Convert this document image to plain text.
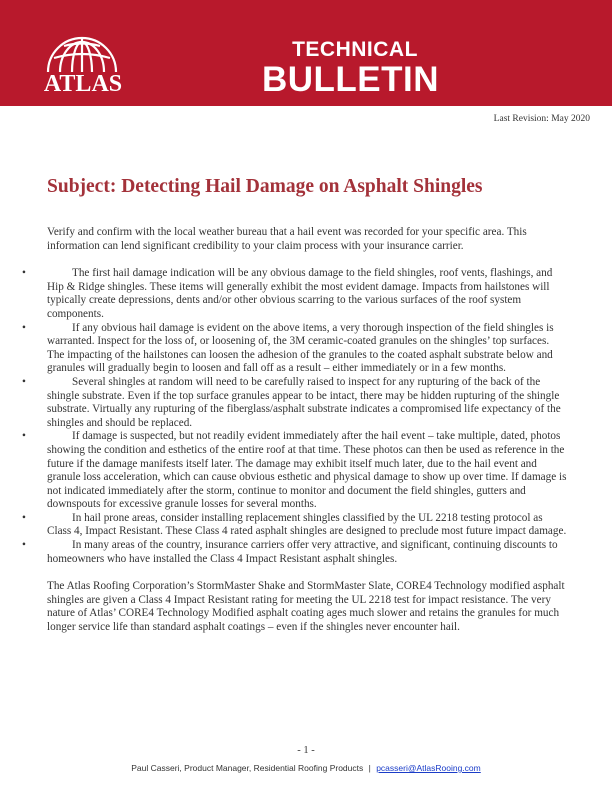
ATLAS
TECHNICAL
BULLETIN
Last Revision: May 2020
Subject: Detecting Hail Damage on Asphalt Shingles

Verify and confirm with the local weather bureau that a hail event was recorded for your specific area. This information can lend significant credibility to your claim process with your insurance carrier.

•	The first hail damage indication will be any obvious damage to the field shingles, roof vents, flashings, and Hip & Ridge shingles. These items will generally exhibit the most evident damage. Impacts from hailstones will typically create depressions, dents and/or other obvious scarring to the various surfaces of the roof system components.
•	If any obvious hail damage is evident on the above items, a very thorough inspection of the field shingles is warranted. Inspect for the loss of, or loosening of, the 3M ceramic-coated granules on the shingles’ top surfaces. The impacting of the hailstones can loosen the adhesion of the granules to the coated asphalt substrate below and granules will gradually begin to loosen and fall off as a result – either immediately or in a few months.
•	Several shingles at random will need to be carefully raised to inspect for any rupturing of the back of the shingle substrate. Even if the top surface granules appear to be intact, there may be hidden rupturing of the shingle substrate. Virtually any rupturing of the fiberglass/asphalt substrate indicates a compromised life expectancy of the shingles and should be replaced.
•	If damage is suspected, but not readily evident immediately after the hail event – take multiple, dated, photos showing the condition and esthetics of the entire roof at that time. These photos can then be used as reference in the future if the damage manifests itself later. The damage may exhibit itself much later, due to the hail event and granule loss acceleration, which can cause obvious esthetic and physical damage to show up over time. If damage is not indicated immediately after the storm, continue to monitor and document the field shingles, gutters and downspouts for excessive granule losses for several months.
•	In hail prone areas, consider installing replacement shingles classified by the UL 2218 testing protocol as Class 4, Impact Resistant. These Class 4 rated asphalt shingles are designed to preclude most future impact damage.
•	In many areas of the country, insurance carriers offer very attractive, and significant, continuing discounts to homeowners who have installed the Class 4 Impact Resistant asphalt shingles.

The Atlas Roofing Corporation’s StormMaster Shake and StormMaster Slate, CORE4 Technology modified asphalt shingles are given a Class 4 Impact Resistant rating for meeting the UL 2218 test for impact resistance. The very nature of Atlas’ CORE4 Technology Modified asphalt coating ages much slower and retains the granules for much longer service life than standard asphalt coatings – even if the shingles never encounter hail.

- 1 -
Paul Casseri, Product Manager, Residential Roofing Products | pcasseri@AtlasRooing.com
